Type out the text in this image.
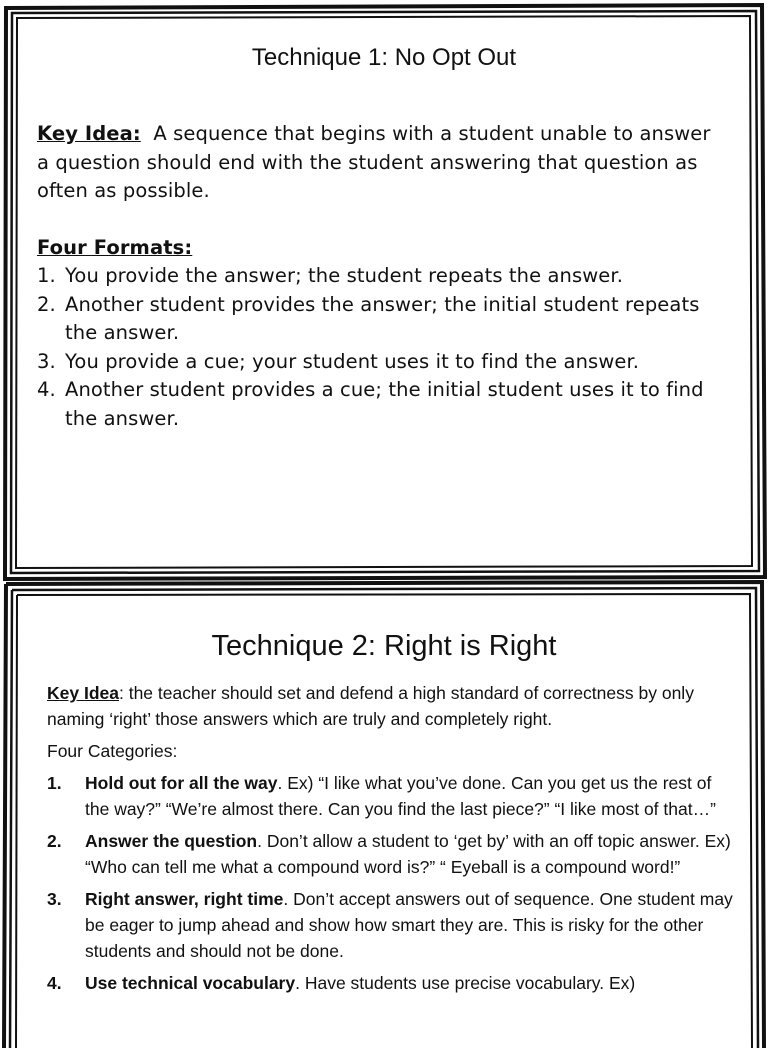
Technique 1: No Opt Out
Key Idea: A sequence that begins with a student unable to answer a question should end with the student answering that question as often as possible.
Four Formats:
1. You provide the answer; the student repeats the answer.
2. Another student provides the answer; the initial student repeats the answer.
3. You provide a cue; your student uses it to find the answer.
4. Another student provides a cue; the initial student uses it to find the answer.
Technique 2: Right is Right

Key Idea: the teacher should set and defend a high standard of correctness by only naming ‘right’ those answers which are truly and completely right.

Four Categories:

1.	Hold out for all the way. Ex) “I like what you’ve done. Can you get us the rest of the way?” “We’re almost there. Can you find the last piece?” “I like most of that…”
2.	Answer the question. Don’t allow a student to ‘get by’ with an off topic answer. Ex) “Who can tell me what a compound word is?” “ Eyeball is a compound word!”
3.	Right answer, right time. Don’t accept answers out of sequence. One student may be eager to jump ahead and show how smart they are. This is risky for the other students and should not be done.
4.	Use technical vocabulary. Have students use precise vocabulary. Ex)
